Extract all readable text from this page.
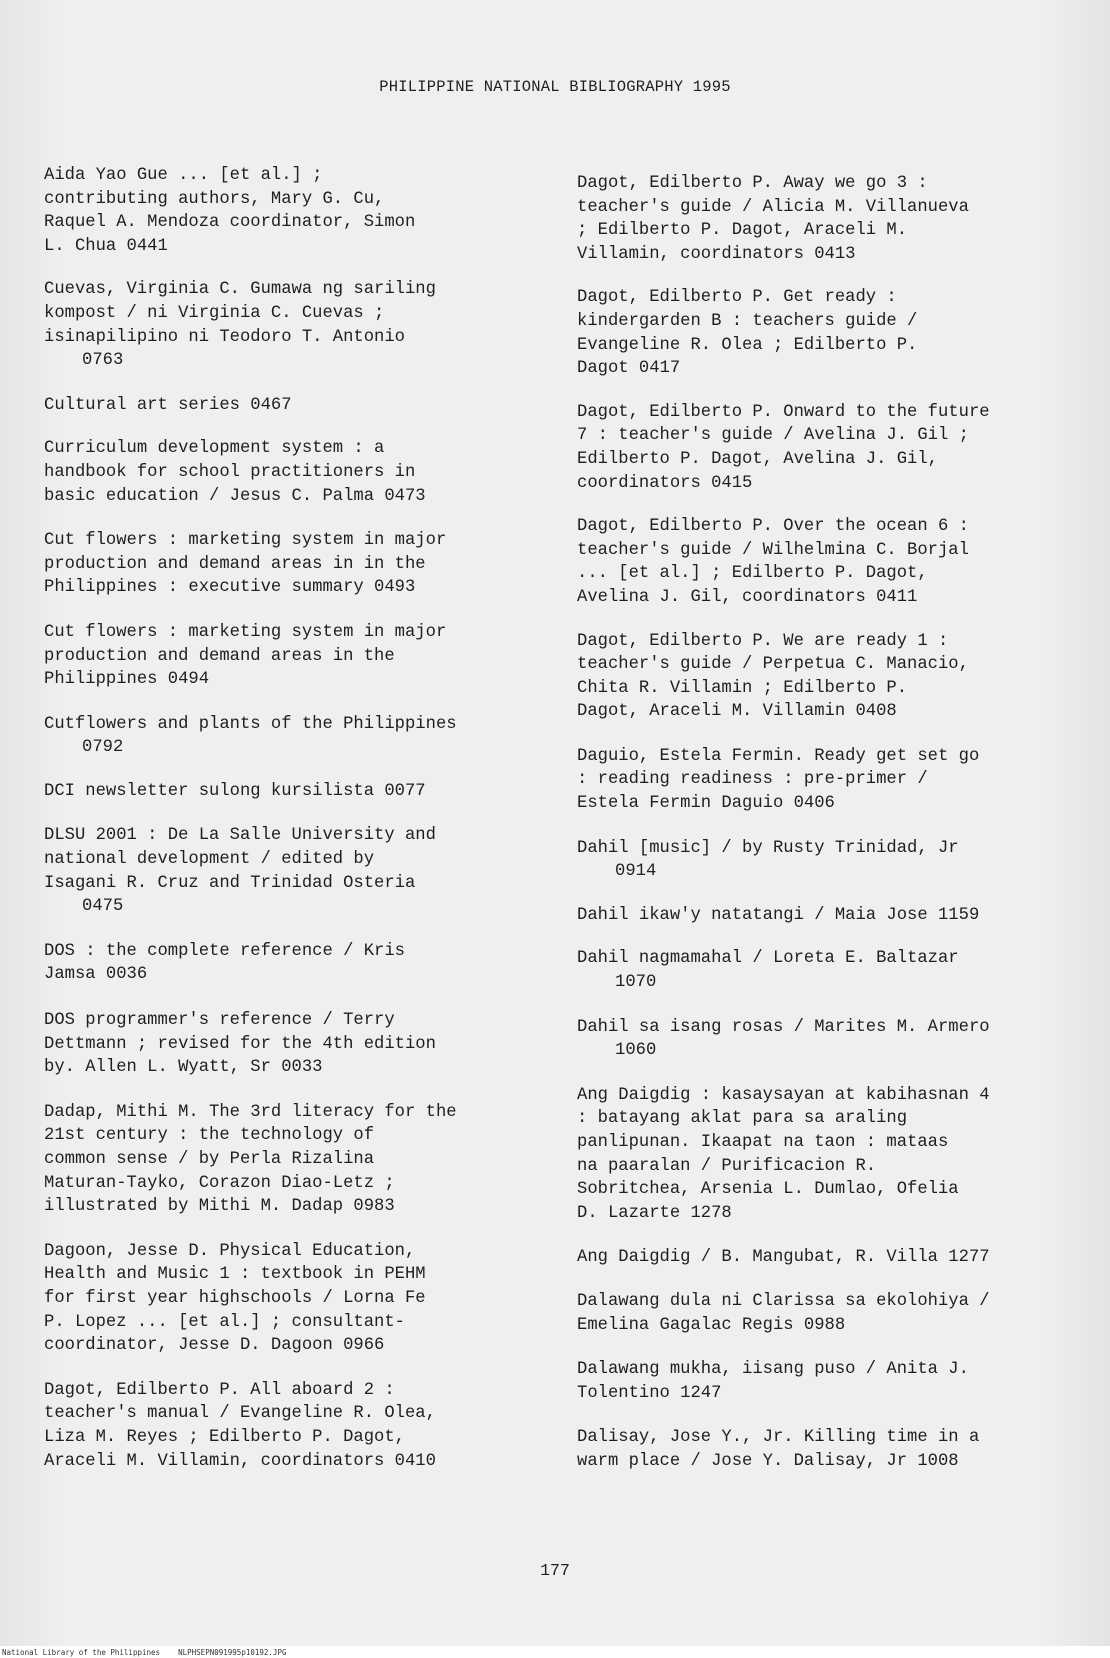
PHILIPPINE NATIONAL BIBLIOGRAPHY 1995
Aida Yao Gue ... [et al.] ;
contributing authors, Mary G. Cu,
Raquel A. Mendoza coordinator, Simon
L. Chua 0441
Cuevas, Virginia C. Gumawa ng sariling
kompost / ni Virginia C. Cuevas ;
isinapilipino ni Teodoro T. Antonio
0763
Cultural art series 0467
Curriculum development system : a
handbook for school practitioners in
basic education / Jesus C. Palma 0473
Cut flowers : marketing system in major
production and demand areas in in the
Philippines : executive summary 0493
Cut flowers : marketing system in major
production and demand areas in the
Philippines 0494
Cutflowers and plants of the Philippines
0792
DCI newsletter sulong kursilista 0077
DLSU 2001 : De La Salle University and
national development / edited by
Isagani R. Cruz and Trinidad Osteria
0475
DOS : the complete reference / Kris
Jamsa 0036
DOS programmer's reference / Terry
Dettmann ; revised for the 4th edition
by. Allen L. Wyatt, Sr 0033
Dadap, Mithi M. The 3rd literacy for the
21st century : the technology of
common sense / by Perla Rizalina
Maturan-Tayko, Corazon Diao-Letz ;
illustrated by Mithi M. Dadap 0983
Dagoon, Jesse D. Physical Education,
Health and Music 1 : textbook in PEHM
for first year highschools / Lorna Fe
P. Lopez ... [et al.] ; consultant-
coordinator, Jesse D. Dagoon 0966
Dagot, Edilberto P. All aboard 2 :
teacher's manual / Evangeline R. Olea,
Liza M. Reyes ; Edilberto P. Dagot,
Araceli M. Villamin, coordinators 0410
Dagot, Edilberto P. Away we go 3 :
teacher's guide / Alicia M. Villanueva
; Edilberto P. Dagot, Araceli M.
Villamin, coordinators 0413
Dagot, Edilberto P. Get ready :
kindergarden B : teachers guide /
Evangeline R. Olea ; Edilberto P.
Dagot 0417
Dagot, Edilberto P. Onward to the future
7 : teacher's guide / Avelina J. Gil ;
Edilberto P. Dagot, Avelina J. Gil,
coordinators 0415
Dagot, Edilberto P. Over the ocean 6 :
teacher's guide / Wilhelmina C. Borjal
... [et al.] ; Edilberto P. Dagot,
Avelina J. Gil, coordinators 0411
Dagot, Edilberto P. We are ready 1 :
teacher's guide / Perpetua C. Manacio,
Chita R. Villamin ; Edilberto P.
Dagot, Araceli M. Villamin 0408
Daguio, Estela Fermin. Ready get set go
: reading readiness : pre-primer /
Estela Fermin Daguio 0406
Dahil [music] / by Rusty Trinidad, Jr
0914
Dahil ikaw'y natatangi / Maia Jose 1159
Dahil nagmamahal / Loreta E. Baltazar
1070
Dahil sa isang rosas / Marites M. Armero
1060
Ang Daigdig : kasaysayan at kabihasnan 4
: batayang aklat para sa araling
panlipunan. Ikaapat na taon : mataas
na paaralan / Purificacion R.
Sobritchea, Arsenia L. Dumlao, Ofelia
D. Lazarte 1278
Ang Daigdig / B. Mangubat, R. Villa 1277
Dalawang dula ni Clarissa sa ekolohiya /
Emelina Gagalac Regis 0988
Dalawang mukha, iisang puso / Anita J.
Tolentino 1247
Dalisay, Jose Y., Jr. Killing time in a
warm place / Jose Y. Dalisay, Jr 1008
177
National Library of the Philippines    NLPHSEPN091995p10192.JPG
